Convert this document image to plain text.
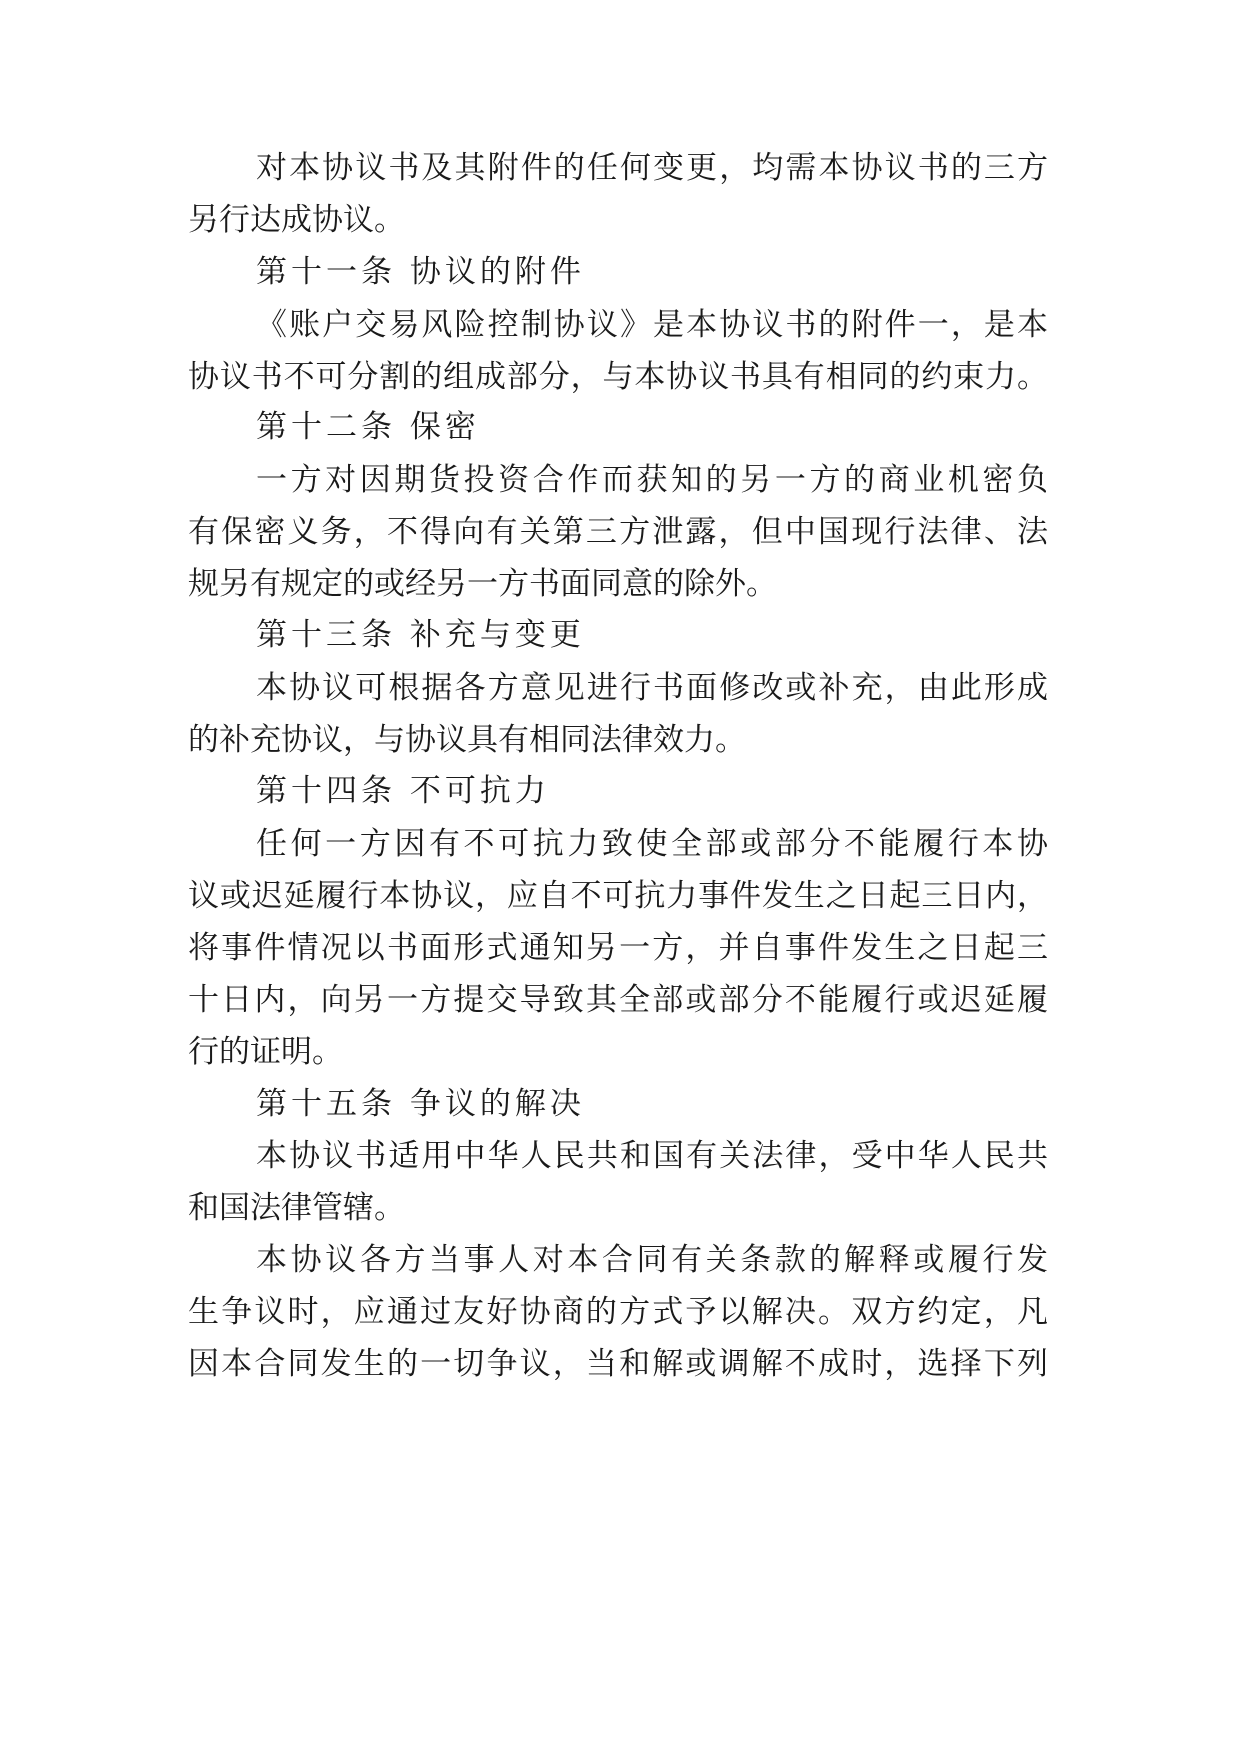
对本协议书及其附件的任何变更，均需本协议书的三方
另行达成协议。
第十一条 协议的附件
《账户交易风险控制协议》是本协议书的附件一，是本
协议书不可分割的组成部分，与本协议书具有相同的约束力。
第十二条 保密
一方对因期货投资合作而获知的另一方的商业机密负
有保密义务，不得向有关第三方泄露，但中国现行法律、法
规另有规定的或经另一方书面同意的除外。
第十三条 补充与变更
本协议可根据各方意见进行书面修改或补充，由此形成
的补充协议，与协议具有相同法律效力。
第十四条 不可抗力
任何一方因有不可抗力致使全部或部分不能履行本协
议或迟延履行本协议，应自不可抗力事件发生之日起三日内，
将事件情况以书面形式通知另一方，并自事件发生之日起三
十日内，向另一方提交导致其全部或部分不能履行或迟延履
行的证明。
第十五条 争议的解决
本协议书适用中华人民共和国有关法律，受中华人民共
和国法律管辖。
本协议各方当事人对本合同有关条款的解释或履行发
生争议时，应通过友好协商的方式予以解决。双方约定，凡
因本合同发生的一切争议，当和解或调解不成时，选择下列
